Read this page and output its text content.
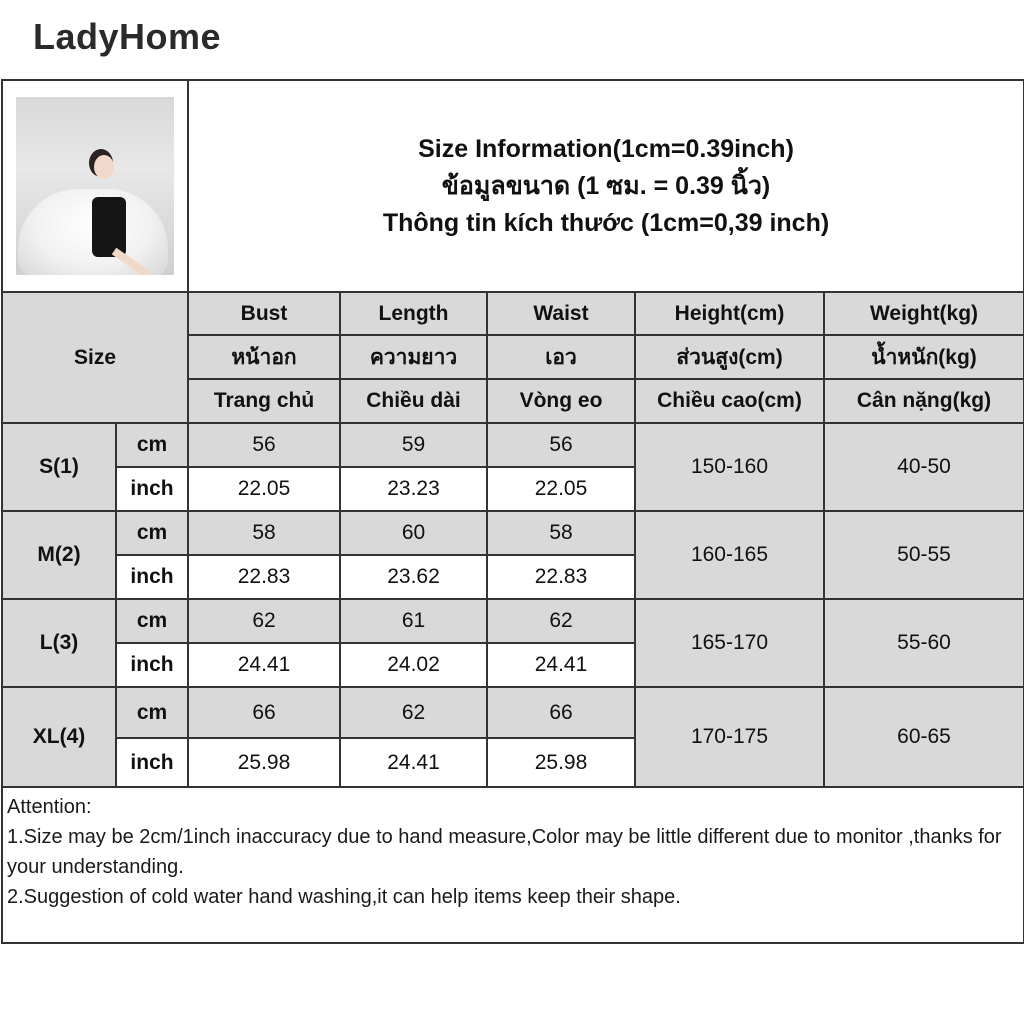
LadyHome

		Size Information(1cm=0.39inch)
ข้อมูลขนาด (1 ซม. = 0.39 นิ้ว)
Thông tin kích thước (1cm=0,39 inch)				

Size		Bust	Length	Waist	Height(cm)	Weight(kg)
		หน้าอก	ความยาว	เอว	ส่วนสูง(cm)	น้ำหนัก(kg)
		Trang chủ	Chiều dài	Vòng eo	Chiều cao(cm)	Cân nặng(kg)
S(1)	cm	56	59	56	150-160	40-50
	inch	22.05	23.23	22.05		
M(2)	cm	58	60	58	160-165	50-55
	inch	22.83	23.62	22.83		
L(3)	cm	62	61	62	165-170	55-60
	inch	24.41	24.02	24.41		
XL(4)	cm	66	62	66	170-175	60-65
	inch	25.98	24.41	25.98		

Attention:
1.Size may be 2cm/1inch inaccuracy due to hand measure,Color may be little different due to monitor ,thanks for your understanding.
2.Suggestion of cold water hand washing,it can help items keep their shape.						
